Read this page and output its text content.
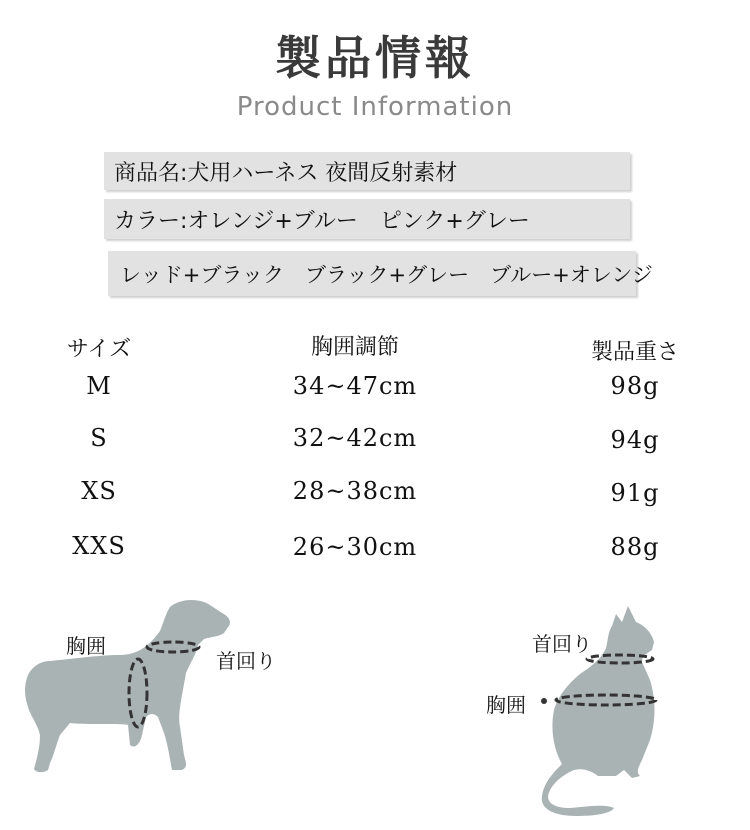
製品情報
Product Information
商品名:犬用ハーネス 夜間反射素材
カラー:オレンジ+ブルー　ピンク+グレー
レッド+ブラック　ブラック+グレー　ブルー+オレンジ
サイズ	胸囲調節	製品重さ
M	34~47cm	98g
S	32~42cm	94g
XS	28~38cm	91g
XXS	26~30cm	88g
胸囲
首回り
首回り
胸囲
